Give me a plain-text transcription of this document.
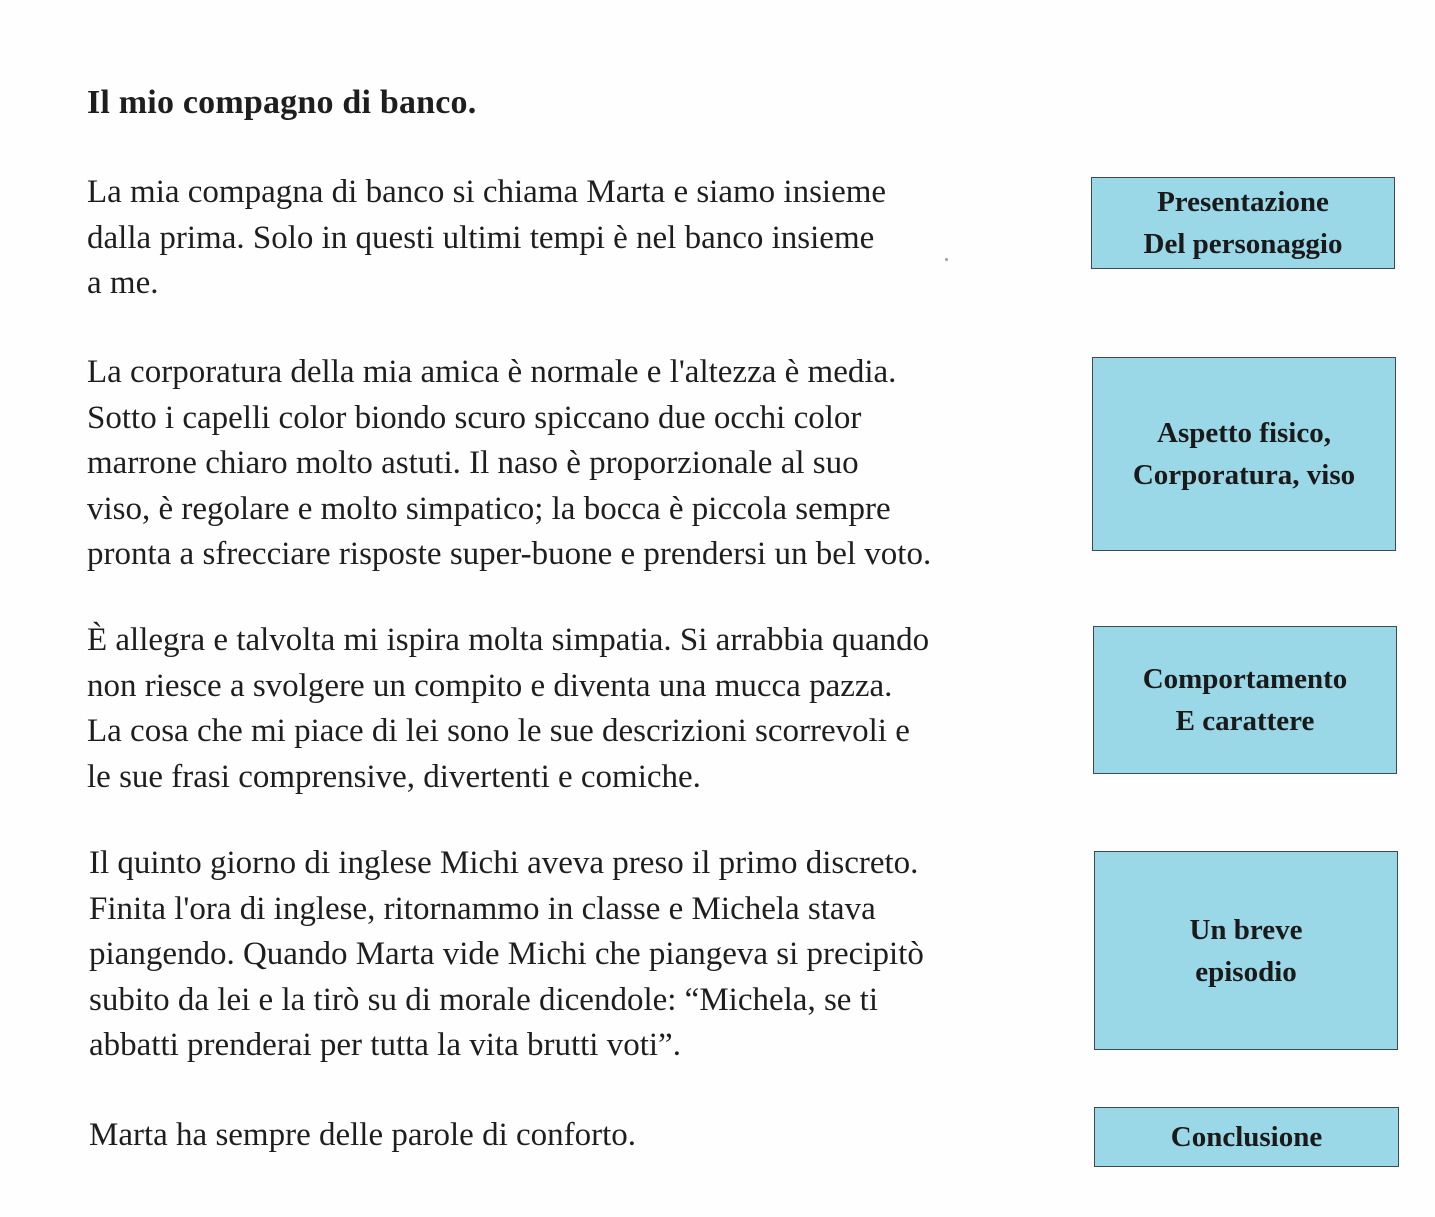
Il mio compagno di banco.

La mia compagna di banco si chiama Marta e siamo insieme
dalla prima. Solo in questi ultimi tempi è nel banco insieme
a me.

Presentazione
Del personaggio

La corporatura della mia amica è normale e l'altezza è media.
Sotto i capelli color biondo scuro spiccano due occhi color
marrone chiaro molto astuti. Il naso è proporzionale al suo
viso, è regolare e molto simpatico; la bocca è piccola sempre
pronta a sfrecciare risposte super-buone e prendersi un bel voto.

Aspetto fisico,
Corporatura, viso

È allegra e talvolta mi ispira molta simpatia. Si arrabbia quando
non riesce a svolgere un compito e diventa una mucca pazza.
La cosa che mi piace di lei sono le sue descrizioni scorrevoli e
le sue frasi comprensive, divertenti e comiche.

Comportamento
E carattere

Il quinto giorno di inglese Michi aveva preso il primo discreto.
Finita l'ora di inglese, ritornammo in classe e Michela stava
piangendo. Quando Marta vide Michi che piangeva si precipitò
subito da lei e la tirò su di morale dicendole: “Michela, se ti
abbatti prenderai per tutta la vita brutti voti”.

Un breve
episodio

Marta ha sempre delle parole di conforto.	Conclusione
